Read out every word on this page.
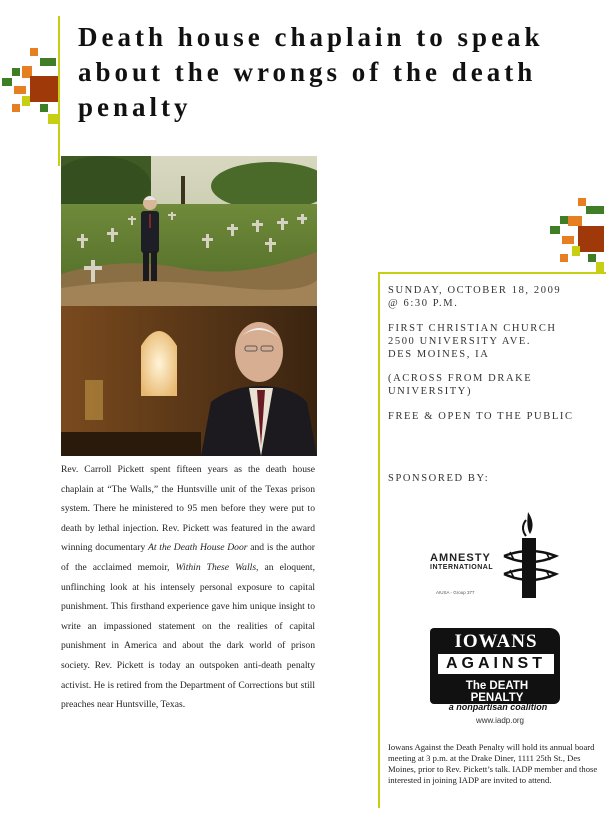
Death house chaplain to speak about the wrongs of the death penalty
Rev. Carroll Pickett spent fifteen years as the death house chaplain at “The Walls,” the Huntsville unit of the Texas prison system. There he ministered to 95 men before they were put to death by lethal injection. Rev. Pickett was featured in the award winning documentary At the Death House Door and is the author of the acclaimed memoir, Within These Walls, an eloquent, unflinching look at his intensely personal exposure to capital punishment. This firsthand experience gave him unique insight to write an impassioned statement on the realities of capital punishment in America and about the dark world of prison society. Rev. Pickett is today an outspoken anti-death penalty activist. He is retired from the Department of Corrections but still preaches near Huntsville, Texas.
SUNDAY, OCTOBER 18, 2009
@ 6:30 P.M.
FIRST CHRISTIAN CHURCH
2500 UNIVERSITY AVE.
DES MOINES, IA
(ACROSS FROM DRAKE UNIVERSITY)
FREE & OPEN TO THE PUBLIC
SPONSORED BY:
AMNESTY
INTERNATIONAL
AIUSA - Group 377
IOWANS
AGAINST
The DEATH PENALTY
a nonpartisan coalition
www.iadp.org
Iowans Against the Death Penalty will hold its annual board meeting at 3 p.m. at the Drake Diner, 1111 25th St., Des Moines, prior to Rev. Pickett’s talk. IADP member and those interested in joining IADP are invited to attend.
